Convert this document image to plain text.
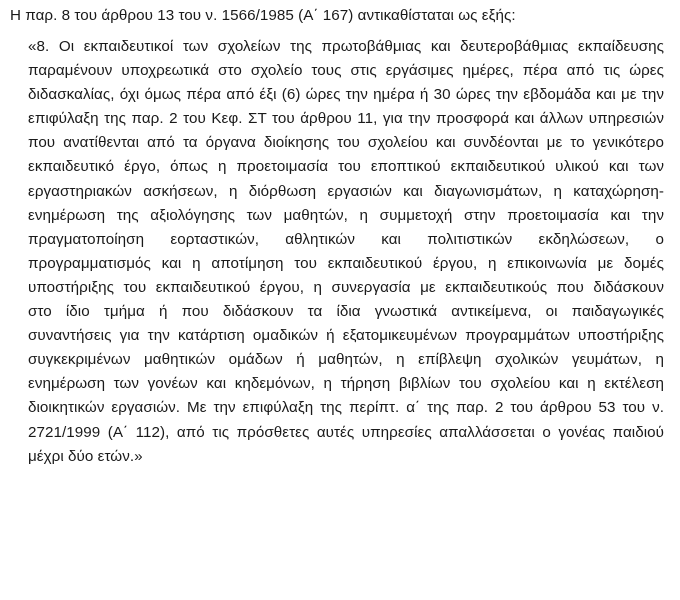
Η παρ. 8 του άρθρου 13 του ν. 1566/1985 (Α΄ 167) αντικαθίσταται ως εξής:
«8. Οι εκπαιδευτικοί των σχολείων της πρωτοβάθμιας και δευτεροβάθμιας εκπαίδευσης
παραμένουν υποχρεωτικά στο σχολείο τους στις εργάσιμες ημέρες, πέρα από τις ώρες
διδασκαλίας, όχι όμως πέρα από έξι (6) ώρες την ημέρα ή 30 ώρες την εβδομάδα και με την
επιφύλαξη της παρ. 2 του Κεφ. ΣΤ του άρθρου 11, για την προσφορά και άλλων υπηρεσιών
που ανατίθενται από τα όργανα διοίκησης του σχολείου και συνδέονται με το γενικότερο
εκπαιδευτικό έργο, όπως η προετοιμασία του εποπτικού εκπαιδευτικού υλικού και των
εργαστηριακών ασκήσεων, η διόρθωση εργασιών και διαγωνισμάτων, η καταχώρηση-
ενημέρωση της αξιολόγησης των μαθητών, η συμμετοχή στην προετοιμασία και την
πραγματοποίηση εορταστικών, αθλητικών και πολιτιστικών εκδηλώσεων, ο
προγραμματισμός και η αποτίμηση του εκπαιδευτικού έργου, η επικοινωνία με δομές
υποστήριξης του εκπαιδευτικού έργου, η συνεργασία με εκπαιδευτικούς που διδάσκουν
στο ίδιο τμήμα ή που διδάσκουν τα ίδια γνωστικά αντικείμενα, οι παιδαγωγικές
συναντήσεις για την κατάρτιση ομαδικών ή εξατομικευμένων προγραμμάτων υποστήριξης
συγκεκριμένων μαθητικών ομάδων ή μαθητών, η επίβλεψη σχολικών γευμάτων, η
ενημέρωση των γονέων και κηδεμόνων, η τήρηση βιβλίων του σχολείου και η εκτέλεση
διοικητικών εργασιών. Με την επιφύλαξη της περίπτ. α΄ της παρ. 2 του άρθρου 53 του ν.
2721/1999 (Α΄ 112), από τις πρόσθετες αυτές υπηρεσίες απαλλάσσεται ο γονέας παιδιού
μέχρι δύο ετών.»
